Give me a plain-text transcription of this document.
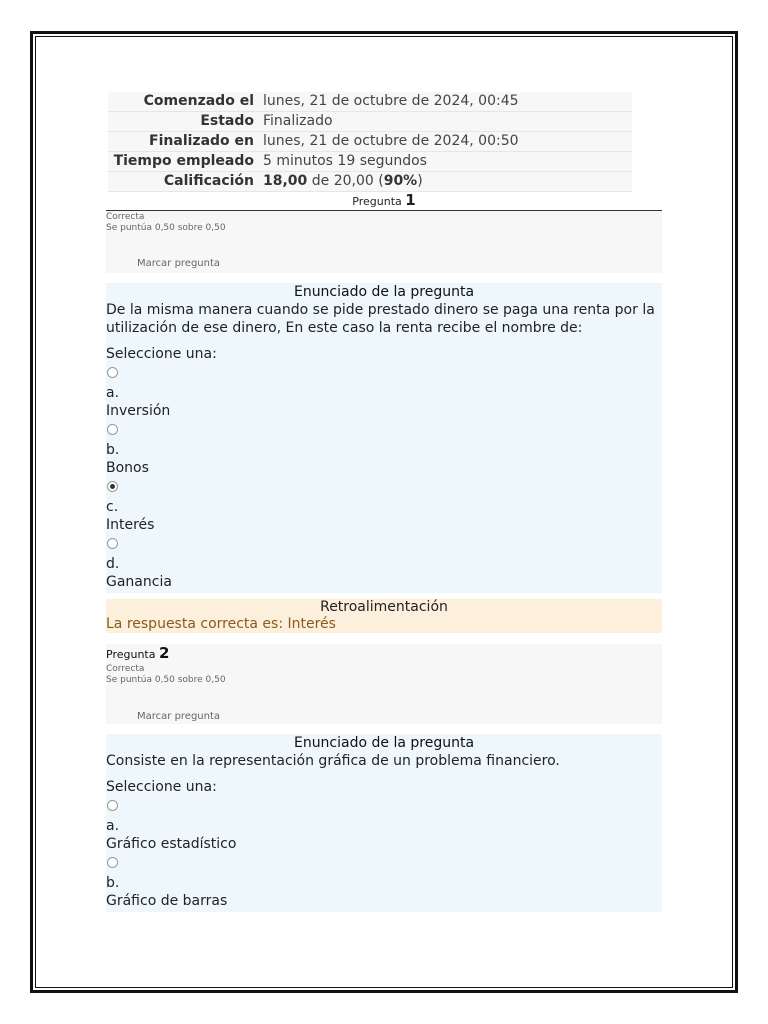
Comenzado el	lunes, 21 de octubre de 2024, 00:45
Estado	Finalizado
Finalizado en	lunes, 21 de octubre de 2024, 00:50
Tiempo empleado	5 minutos 19 segundos
Calificación	18,00 de 20,00 (90%)
Pregunta 1
Correcta
Se puntúa 0,50 sobre 0,50
Marcar pregunta
Enunciado de la pregunta

De la misma manera cuando se pide prestado dinero se paga una renta por la utilización de ese dinero, En este caso la renta recibe el nombre de:

Seleccione una:

a.
Inversión
b.
Bonos
c.
Interés
d.
Ganancia
Retroalimentación
La respuesta correcta es: Interés
Pregunta 2
Correcta
Se puntúa 0,50 sobre 0,50
Marcar pregunta
Enunciado de la pregunta

Consiste en la representación gráfica de un problema financiero.

Seleccione una:

a.
Gráfico estadístico
b.
Gráfico de barras
